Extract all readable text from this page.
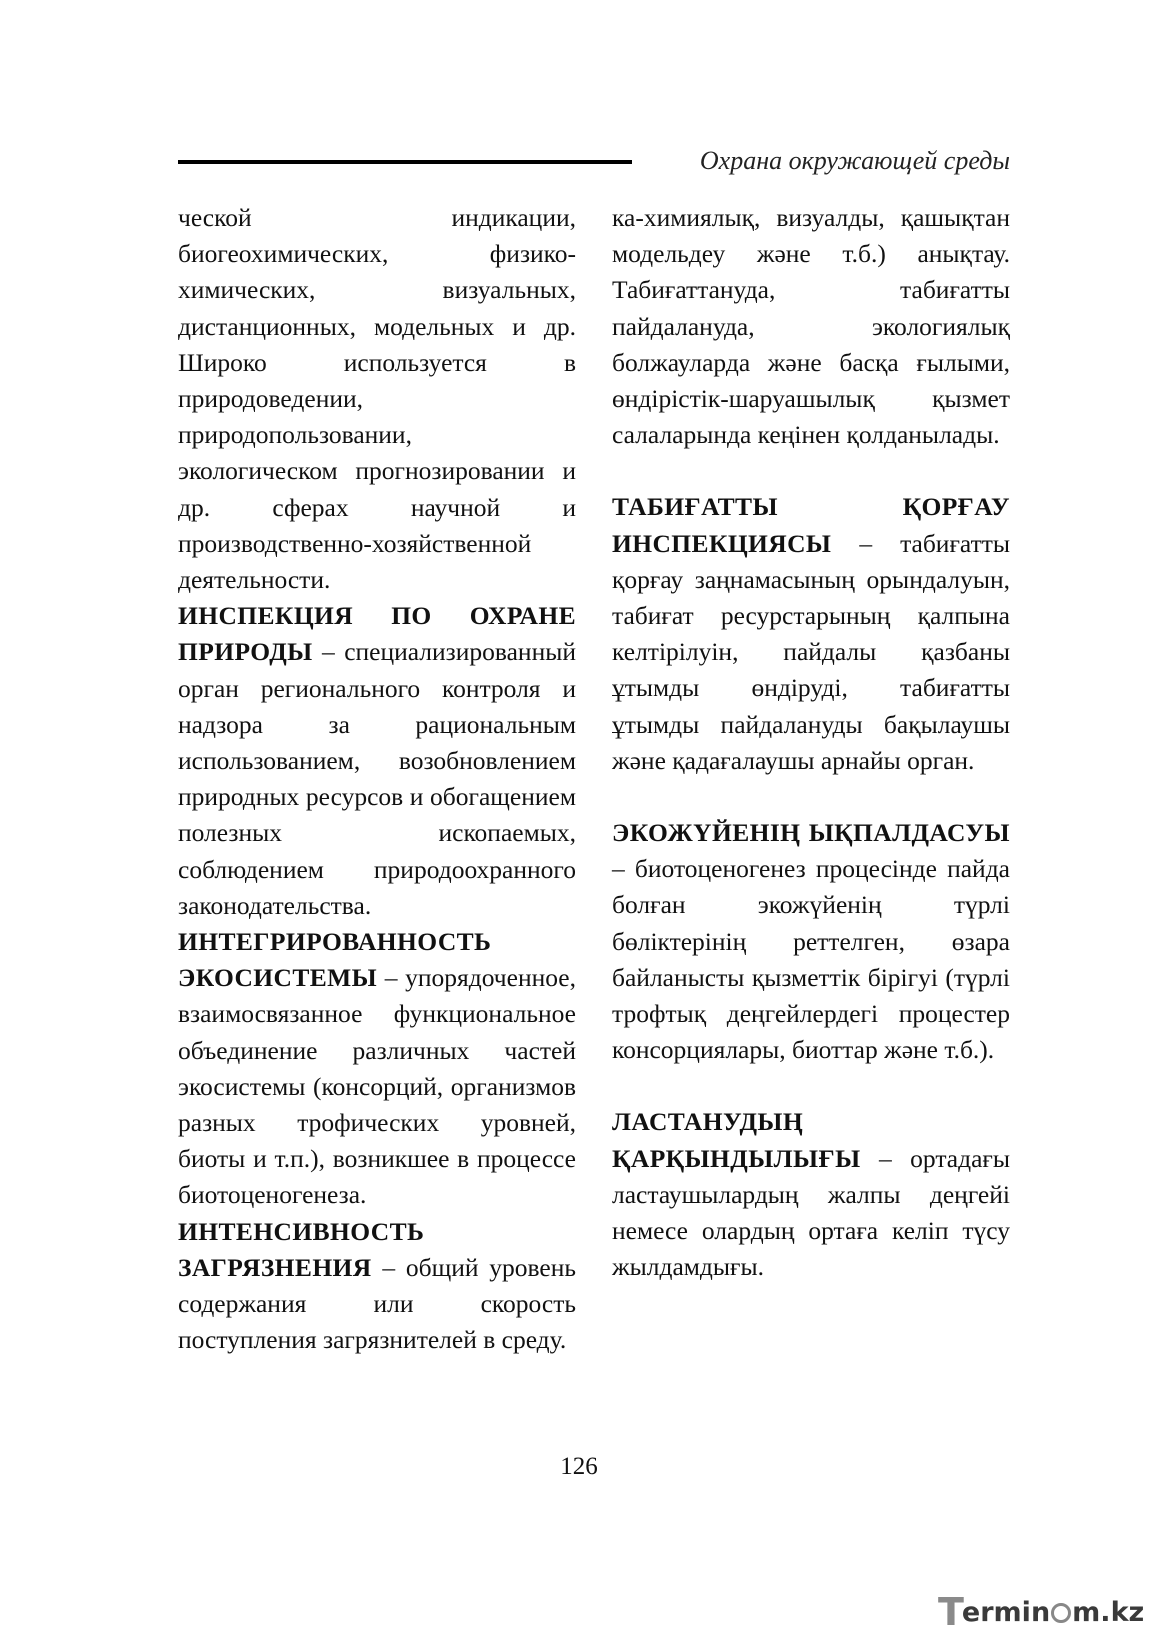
Охрана окружающей среды

ческой индикации, биогеохимических, физико-химических, визуальных, дистанционных, модельных и др. Широко используется в природоведении, природопользовании, экологическом прогнозировании и др. сферах научной и производственно-хозяйственной деятельности.

ИНСПЕКЦИЯ ПО ОХРАНЕ ПРИРОДЫ – специализированный орган регионального контроля и надзора за рациональным использованием, возобновлением природных ресурсов и обогащением полезных ископаемых, соблюдением природоохранного законодательства.

ИНТЕГРИРОВАННОСТЬ ЭКОСИСТЕМЫ – упорядоченное, взаимосвязанное функциональное объединение различных частей экосистемы (консорций, организмов разных трофических уровней, биоты и т.п.), возникшее в процессе биотоценогенеза.

ИНТЕНСИВНОСТЬ ЗАГРЯЗНЕНИЯ – общий уровень содержания или скорость поступления загрязнителей в среду.

ка-химиялық, визуалды, қашықтан модельдеу және т.б.) анықтау. Табиғаттануда, табиғатты пайдалануда, экологиялық болжауларда және басқа ғылыми, өндірістік-шаруашылық қызмет салаларында кеңінен қолданылады.

ТАБИҒАТТЫ ҚОРҒАУ ИНСПЕКЦИЯСЫ – табиғатты қорғау заңнамасының орындалуын, табиғат ресурстарының қалпына келтірілуін, пайдалы қазбаны ұтымды өндіруді, табиғатты ұтымды пайдалануды бақылаушы және қадағалаушы арнайы орган.

ЭКОЖҮЙЕНІҢ ЫҚПАЛДАСУЫ – биотоценогенез процесінде пайда болған экожүйенің түрлі бөліктерінің реттелген, өзара байланысты қызметтік бірігуі (түрлі трофтық деңгейлердегі процестер консорциялары, биоттар және т.б.).

ЛАСТАНУДЫҢ ҚАРҚЫНДЫЛЫҒЫ – ортадағы ластаушылардың жалпы деңгейі немесе олардың ортаға келіп түсу жылдамдығы.

126
Termin m.kz
